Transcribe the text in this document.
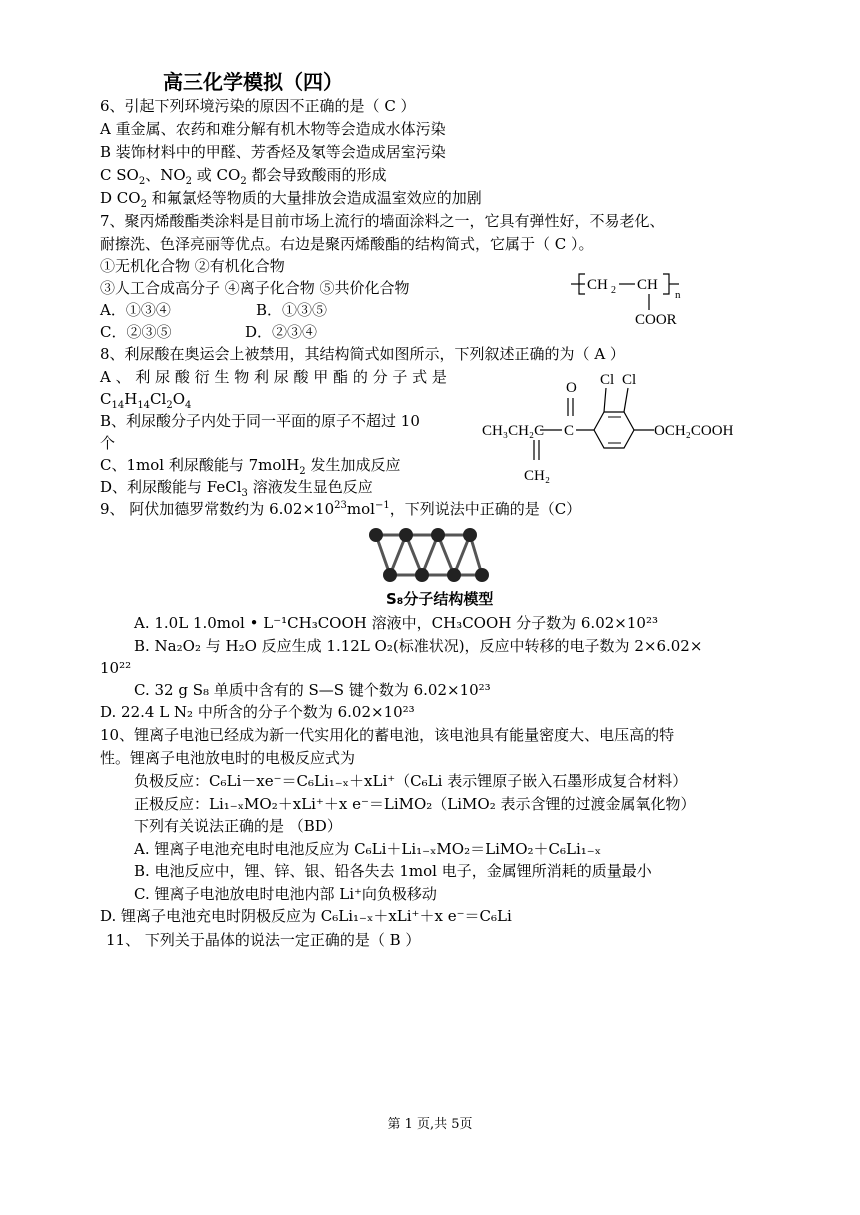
高三化学模拟（四）
6、引起下列环境污染的原因不正确的是（ C ）
A 重金属、农药和难分解有机木物等会造成水体污染
B 装饰材料中的甲醛、芳香烃及氡等会造成居室污染
C $SO_2$、$NO_2$ 或 $CO_2$ 都会导致酸雨的形成
D $CO_2$ 和氟氯烃等物质的大量排放会造成温室效应的加剧
7、聚丙烯酸酯类涂料是目前市场上流行的墙面涂料之一，它具有弹性好，不易老化、
耐擦洗、色泽亮丽等优点。右边是聚丙烯酸酯的结构简式，它属于（ C ）。
①无机化合物 ②有机化合物
③人工合成高分子 ④离子化合物 ⑤共价化合物
A．①③④	B．①③⑤
C．②③⑤	D．②③④
CH 2 CH
n
COOR
8、利尿酸在奥运会上被禁用，其结构简式如图所示，下列叙述正确的为（ A ）
A 、 利 尿 酸 衍 生 物 利 尿 酸 甲 酯 的 分 子 式 是
$C_{14}H_{14}Cl_2O_4$
B、利尿酸分子内处于同一平面的原子不超过 10
个
C、1mol 利尿酸能与 7molH$_2$ 发生加成反应
D、利尿酸能与 FeCl$_3$ 溶液发生显色反应
O Cl Cl
CH₃CH₂C C	OCH₂COOH
CH₂
9、 阿伏加德罗常数约为 $6.02\times 10^{23}mol^{-1}$，下列说法中正确的是（C）
S₈分子结构模型
A. 1.0L 1.0mol • L⁻¹CH₃COOH 溶液中，CH₃COOH 分子数为 6.02×10²³
B. Na₂O₂ 与 H₂O 反应生成 1.12L O₂(标准状况)，反应中转移的电子数为 2×6.02×
10²²
C. 32 g S₈ 单质中含有的 S—S 键个数为 6.02×10²³
D. 22.4 L N₂ 中所含的分子个数为 6.02×10²³
10、锂离子电池已经成为新一代实用化的蓄电池，该电池具有能量密度大、电压高的特
性。锂离子电池放电时的电极反应式为
负极反应：C₆Li－xe⁻＝C₆Li₁₋ₓ＋xLi⁺（C₆Li 表示锂原子嵌入石墨形成复合材料）
正极反应：Li₁₋ₓMO₂＋xLi⁺＋x e⁻＝LiMO₂（LiMO₂ 表示含锂的过渡金属氧化物）
下列有关说法正确的是 （BD）
A. 锂离子电池充电时电池反应为 C₆Li＋Li₁₋ₓMO₂＝LiMO₂＋C₆Li₁₋ₓ
B. 电池反应中，锂、锌、银、铅各失去 1mol 电子，金属锂所消耗的质量最小
C. 锂离子电池放电时电池内部 Li⁺向负极移动
D. 锂离子电池充电时阴极反应为 C₆Li₁₋ₓ＋xLi⁺＋x e⁻＝C₆Li
11、 下列关于晶体的说法一定正确的是（ B ）
第 1 页,共 5页
